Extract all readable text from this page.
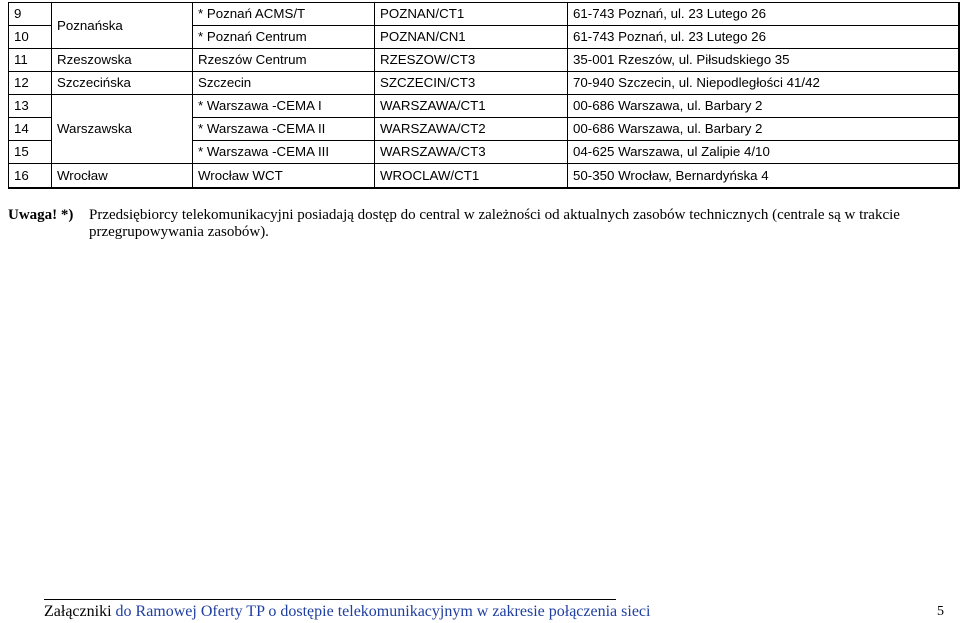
9	Poznańska	* Poznań ACMS/T	POZNAN/CT1	61-743 Poznań, ul. 23 Lutego 26
10		* Poznań Centrum	POZNAN/CN1	61-743 Poznań, ul. 23 Lutego 26
11	Rzeszowska	Rzeszów Centrum	RZESZOW/CT3	35-001 Rzeszów, ul. Piłsudskiego 35
12	Szczecińska	Szczecin	SZCZECIN/CT3	70-940 Szczecin, ul. Niepodległości 41/42
13	Warszawska	* Warszawa -CEMA I	WARSZAWA/CT1	00-686 Warszawa, ul. Barbary 2
14		* Warszawa -CEMA II	WARSZAWA/CT2	00-686 Warszawa, ul. Barbary 2
15		* Warszawa -CEMA III	WARSZAWA/CT3	04-625 Warszawa, ul Zalipie 4/10
16	Wrocław	Wrocław WCT	WROCLAW/CT1	50-350 Wrocław, Bernardyńska 4
Uwaga! *) Przedsiębiorcy telekomunikacyjni posiadają dostęp do central w zależności od aktualnych zasobów technicznych (centrale są w trakcie przegrupowywania zasobów).
Załączniki do Ramowej Oferty TP o dostępie telekomunikacyjnym w zakresie połączenia sieci	5
